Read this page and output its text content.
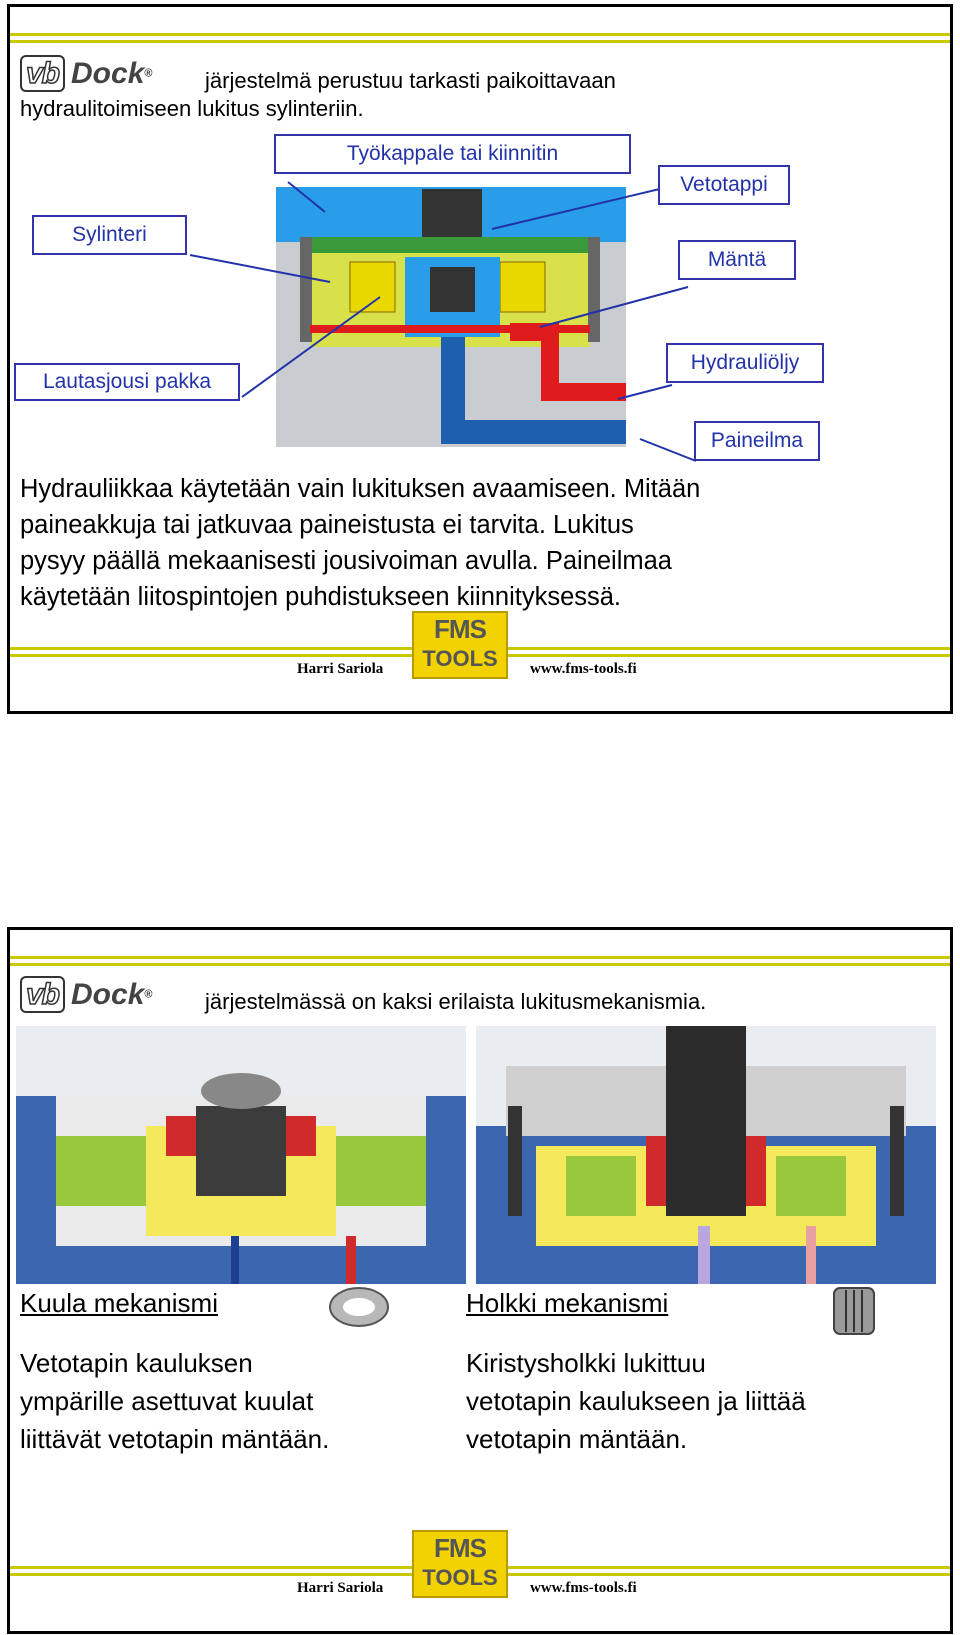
vb Dock® järjestelmä perustuu tarkasti paikoittavaan
hydraulitoimiseen lukitus sylinteriin.
Työkappale tai kiinnitin
Vetotappi
Sylinteri
Mäntä
Lautasjousi pakka
Hydrauliöljy
Paineilma
Hydrauliikkaa käytetään vain lukituksen avaamiseen. Mitään
paineakkuja tai jatkuvaa paineistusta ei tarvita. Lukitus
pysyy päällä mekaanisesti jousivoiman avulla. Paineilmaa
käytetään liitospintojen puhdistukseen kiinnityksessä.
FMS
TOOLS
Harri Sariola	www.fms-tools.fi
vb Dock® järjestelmässä on kaksi erilaista lukitusmekanismia.
Kuula mekanismi
Vetotapin kauluksen
ympärille asettuvat kuulat
liittävät vetotapin mäntään.
Holkki mekanismi
Kiristysholkki lukittuu
vetotapin kaulukseen ja liittää
vetotapin mäntään.
FMS
TOOLS
Harri Sariola	www.fms-tools.fi
